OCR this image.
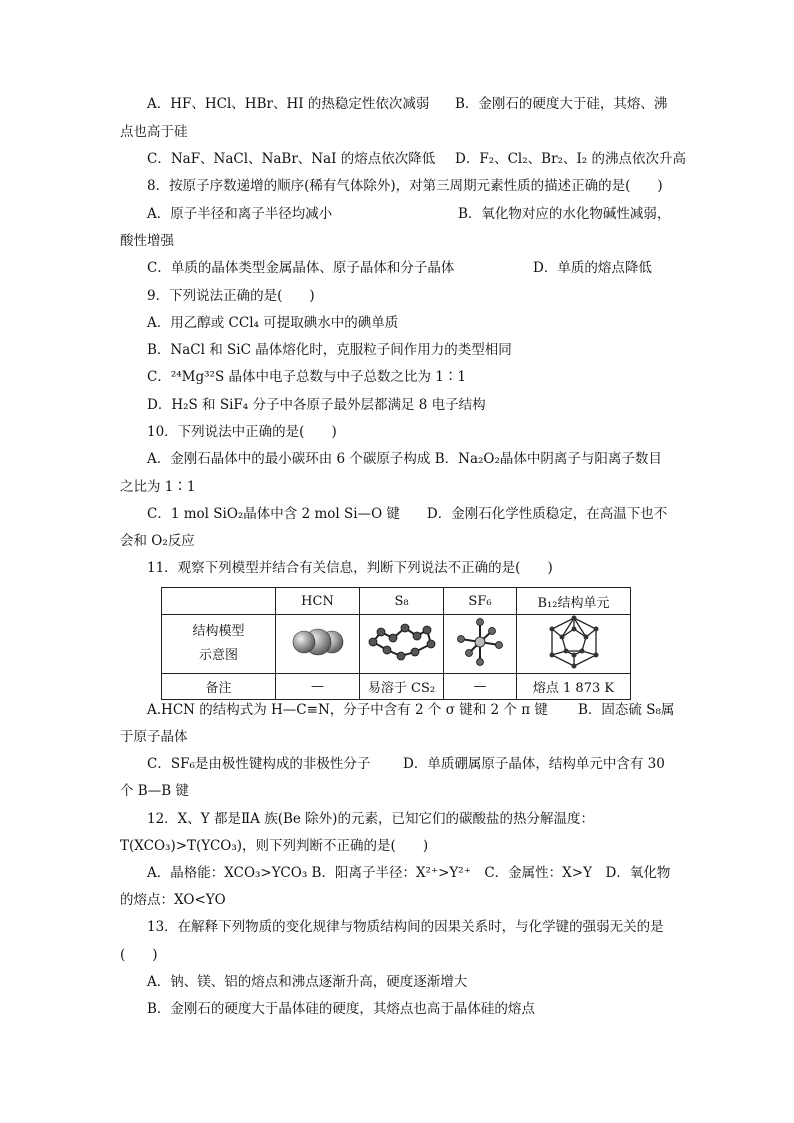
A．HF、HCl、HBr、HI 的热稳定性依次减弱 B．金刚石的硬度大于硅，其熔、沸
点也高于硅
C．NaF、NaCl、NaBr、NaI 的熔点依次降低 D．F₂、Cl₂、Br₂、I₂ 的沸点依次升高
8．按原子序数递增的顺序(稀有气体除外)，对第三周期元素性质的描述正确的是(　　)
A．原子半径和离子半径均减小	B．氧化物对应的水化物碱性减弱，
酸性增强
C．单质的晶体类型金属晶体、原子晶体和分子晶体	D．单质的熔点降低
9．下列说法正确的是(　　)
A．用乙醇或 CCl₄ 可提取碘水中的碘单质
B．NaCl 和 SiC 晶体熔化时，克服粒子间作用力的类型相同
C．²⁴Mg³²S 晶体中电子总数与中子总数之比为 1∶1
D．H₂S 和 SiF₄ 分子中各原子最外层都满足 8 电子结构
10．下列说法中正确的是(　　)
A．金刚石晶体中的最小碳环由 6 个碳原子构成 B．Na₂O₂晶体中阴离子与阳离子数目
之比为 1∶1
C．1 mol SiO₂晶体中含 2 mol Si—O 键　　D．金刚石化学性质稳定，在高温下也不
会和 O₂反应
11．观察下列模型并结合有关信息，判断下列说法不正确的是(　　)
	HCN	S₈	SF₆	B₁₂结构单元

结构模型
示意图

备注	—	易溶于 CS₂	—	熔点 1 873 K
A.HCN 的结构式为 H—C≡N，分子中含有 2 个 σ 键和 2 个 π 键 B．固态硫 S₈属
于原子晶体
C．SF₆是由极性键构成的非极性分子 D．单质硼属原子晶体，结构单元中含有 30
个 B—B 键
12．X、Y 都是ⅡA 族(Be 除外)的元素，已知它们的碳酸盐的热分解温度：
T(XCO₃)>T(YCO₃)，则下列判断不正确的是(　　)
A．晶格能：XCO₃>YCO₃ B．阳离子半径：X²⁺>Y²⁺　C．金属性：X>Y　D．氧化物
的熔点：XO<YO
13．在解释下列物质的变化规律与物质结构间的因果关系时，与化学键的强弱无关的是
(　　)
A．钠、镁、铝的熔点和沸点逐渐升高，硬度逐渐增大
B．金刚石的硬度大于晶体硅的硬度，其熔点也高于晶体硅的熔点
